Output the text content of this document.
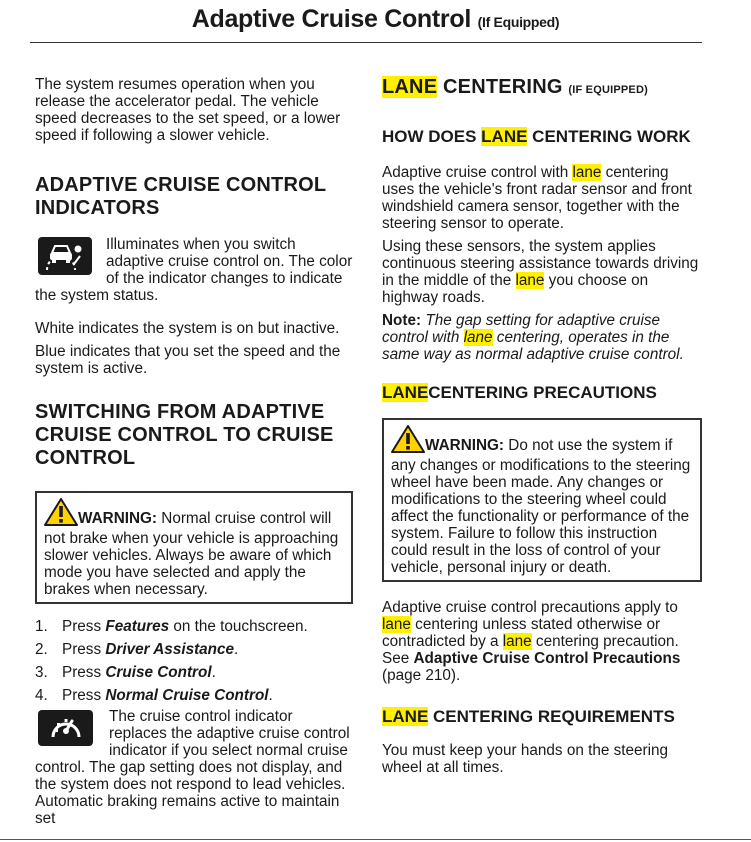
Adaptive Cruise Control (If Equipped)

The system resumes operation when you release the accelerator pedal. The vehicle speed decreases to the set speed, or a lower speed if following a slower vehicle.

ADAPTIVE CRUISE CONTROL INDICATORS

Illuminates when you switch adaptive cruise control on. The color of the indicator changes to indicate the system status.

White indicates the system is on but inactive.

Blue indicates that you set the speed and the system is active.

SWITCHING FROM ADAPTIVE CRUISE CONTROL TO CRUISE CONTROL

WARNING: Normal cruise control will not brake when your vehicle is approaching slower vehicles. Always be aware of which mode you have selected and apply the brakes when necessary.

1. Press Features on the touchscreen.
2. Press Driver Assistance.
3. Press Cruise Control.
4. Press Normal Cruise Control.

The cruise control indicator replaces the adaptive cruise control indicator if you select normal cruise control. The gap setting does not display, and the system does not respond to lead vehicles. Automatic braking remains active to maintain set

LANE CENTERING (IF EQUIPPED)
HOW DOES LANE CENTERING WORK

Adaptive cruise control with lane centering uses the vehicle's front radar sensor and front windshield camera sensor, together with the steering sensor to operate.

Using these sensors, the system applies continuous steering assistance towards driving in the middle of the lane you choose on highway roads.

Note: The gap setting for adaptive cruise control with lane centering, operates in the same way as normal adaptive cruise control.

LANECENTERING PRECAUTIONS

WARNING: Do not use the system if any changes or modifications to the steering wheel have been made. Any changes or modifications to the steering wheel could affect the functionality or performance of the system. Failure to follow this instruction could result in the loss of control of your vehicle, personal injury or death.

Adaptive cruise control precautions apply to lane centering unless stated otherwise or contradicted by a lane centering precaution. See Adaptive Cruise Control Precautions (page 210).

LANE CENTERING REQUIREMENTS

You must keep your hands on the steering wheel at all times.
